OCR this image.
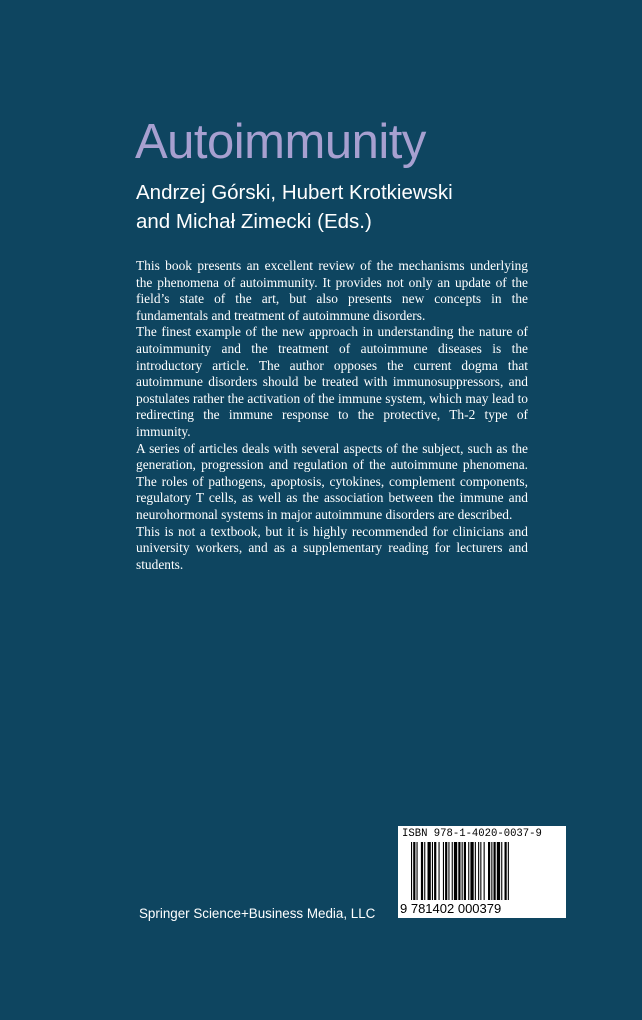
Autoimmunity
Andrzej Górski, Hubert Krotkiewski
and Michał Zimecki (Eds.)

This book presents an excellent review of the mechanisms underlying the phenomena of autoimmunity. It provides not only an update of the field’s state of the art, but also presents new concepts in the fundamentals and treatment of autoimmune disorders.

The finest example of the new approach in understanding the nature of autoimmunity and the treatment of autoimmune diseases is the introductory article. The author opposes the current dogma that autoimmune disorders should be treated with immunosuppressors, and postulates rather the activation of the immune system, which may lead to redirecting the immune response to the protective, Th-2 type of immunity.

A series of articles deals with several aspects of the subject, such as the generation, progression and regulation of the autoimmune phenomena. The roles of pathogens, apoptosis, cytokines, complement components, regulatory T cells, as well as the association between the immune and neurohormonal systems in major autoimmune disorders are described.

This is not a textbook, but it is highly recommended for clinicians and university workers, and as a supplementary reading for lecturers and students.

ISBN 978-1-4020-0037-9
9 781402 000379
Springer Science+Business Media, LLC
